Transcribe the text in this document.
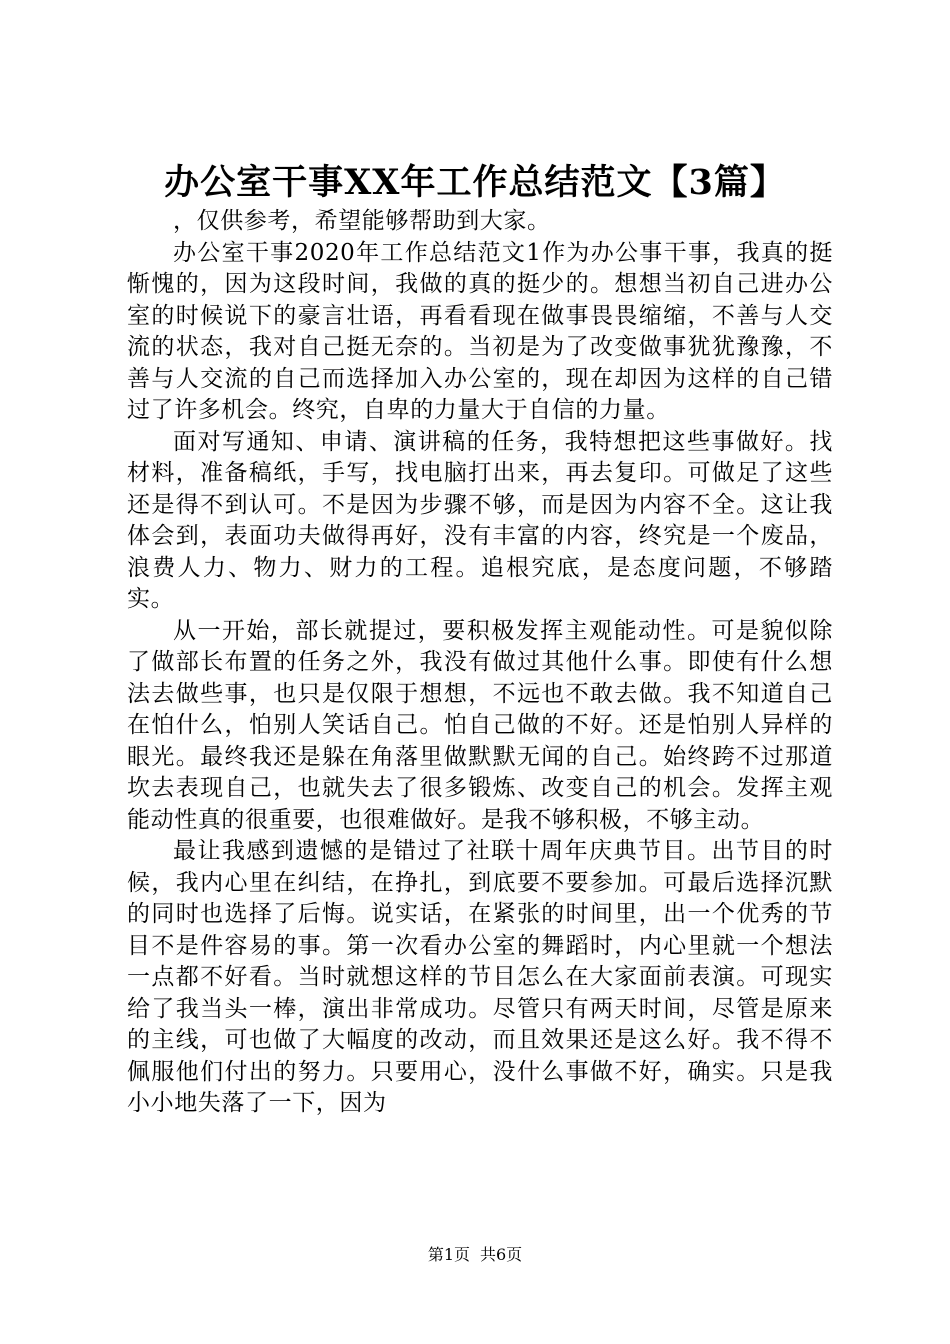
办公室干事XX年工作总结范文【3篇】

，仅供参考，希望能够帮助到大家。

办公室干事2020年工作总结范文1作为办公事干事，我真的挺惭愧的，因为这段时间，我做的真的挺少的。想想当初自己进办公室的时候说下的豪言壮语，再看看现在做事畏畏缩缩，不善与人交流的状态，我对自己挺无奈的。当初是为了改变做事犹犹豫豫，不善与人交流的自己而选择加入办公室的，现在却因为这样的自己错过了许多机会。终究，自卑的力量大于自信的力量。

面对写通知、申请、演讲稿的任务，我特想把这些事做好。找材料，准备稿纸，手写，找电脑打出来，再去复印。可做足了这些还是得不到认可。不是因为步骤不够，而是因为内容不全。这让我体会到，表面功夫做得再好，没有丰富的内容，终究是一个废品，浪费人力、物力、财力的工程。追根究底，是态度问题，不够踏实。

从一开始，部长就提过，要积极发挥主观能动性。可是貌似除了做部长布置的任务之外，我没有做过其他什么事。即使有什么想法去做些事，也只是仅限于想想，不远也不敢去做。我不知道自己在怕什么，怕别人笑话自己。怕自己做的不好。还是怕别人异样的眼光。最终我还是躲在角落里做默默无闻的自己。始终跨不过那道坎去表现自己，也就失去了很多锻炼、改变自己的机会。发挥主观能动性真的很重要，也很难做好。是我不够积极，不够主动。

最让我感到遗憾的是错过了社联十周年庆典节目。出节目的时候，我内心里在纠结，在挣扎，到底要不要参加。可最后选择沉默的同时也选择了后悔。说实话，在紧张的时间里，出一个优秀的节目不是件容易的事。第一次看办公室的舞蹈时，内心里就一个想法一点都不好看。当时就想这样的节目怎么在大家面前表演。可现实给了我当头一棒，演出非常成功。尽管只有两天时间，尽管是原来的主线，可也做了大幅度的改动，而且效果还是这么好。我不得不佩服他们付出的努力。只要用心，没什么事做不好，确实。只是我小小地失落了一下，因为

第1页 共6页
